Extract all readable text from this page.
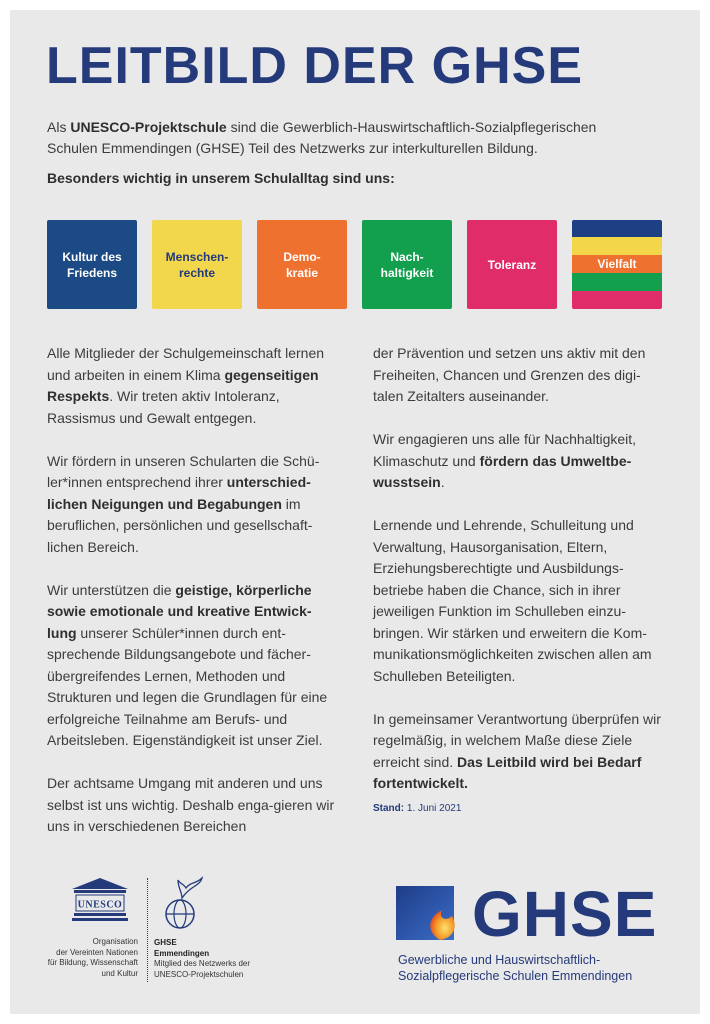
LEITBILD DER GHSE
Als UNESCO-Projektschule sind die Gewerblich-Hauswirtschaftlich-Sozialpflegerischen Schulen Emmendingen (GHSE) Teil des Netzwerks zur interkulturellen Bildung.
Besonders wichtig in unserem Schulalltag sind uns:
Kultur des
Friedens
Menschen-
rechte
Demo-
kratie
Nach-
haltigkeit
Toleranz	Vielfalt

Alle Mitglieder der Schulgemeinschaft lernen und arbeiten in einem Klima gegenseitigen Respekts. Wir treten aktiv Intoleranz, Rassismus und Gewalt entgegen.

Wir fördern in unseren Schularten die Schü-ler*innen entsprechend ihrer unterschied-lichen Neigungen und Begabungen im beruflichen, persönlichen und gesellschaft-lichen Bereich.

Wir unterstützen die geistige, körperliche sowie emotionale und kreative Entwick-lung unserer Schüler*innen durch ent-sprechende Bildungsangebote und fächer-übergreifendes Lernen, Methoden und Strukturen und legen die Grundlagen für eine erfolgreiche Teilnahme am Berufs- und Arbeitsleben. Eigenständigkeit ist unser Ziel.

Der achtsame Umgang mit anderen und uns selbst ist uns wichtig. Deshalb enga-gieren wir uns in verschiedenen Bereichen

der Prävention und setzen uns aktiv mit den Freiheiten, Chancen und Grenzen des digi-talen Zeitalters auseinander.

Wir engagieren uns alle für Nachhaltigkeit, Klimaschutz und fördern das Umweltbe-wusstsein.

Lernende und Lehrende, Schulleitung und Verwaltung, Hausorganisation, Eltern, Erziehungsberechtigte und Ausbildungs-betriebe haben die Chance, sich in ihrer jeweiligen Funktion im Schulleben einzu-bringen. Wir stärken und erweitern die Kom-munikationsmöglichkeiten zwischen allen am Schulleben Beteiligten.

In gemeinsamer Verantwortung überprüfen wir regelmäßig, in welchem Maße diese Ziele erreicht sind. Das Leitbild wird bei Bedarf fortentwickelt.

Stand: 1. Juni 2021
UNESCO
Organisation
der Vereinten Nationen
für Bildung, Wissenschaft
und Kultur
GHSE
Emmendingen
Mitglied des Netzwerks der UNESCO-Projektschulen
GHSE
Gewerbliche und Hauswirtschaftlich-
Sozialpflegerische Schulen Emmendingen
